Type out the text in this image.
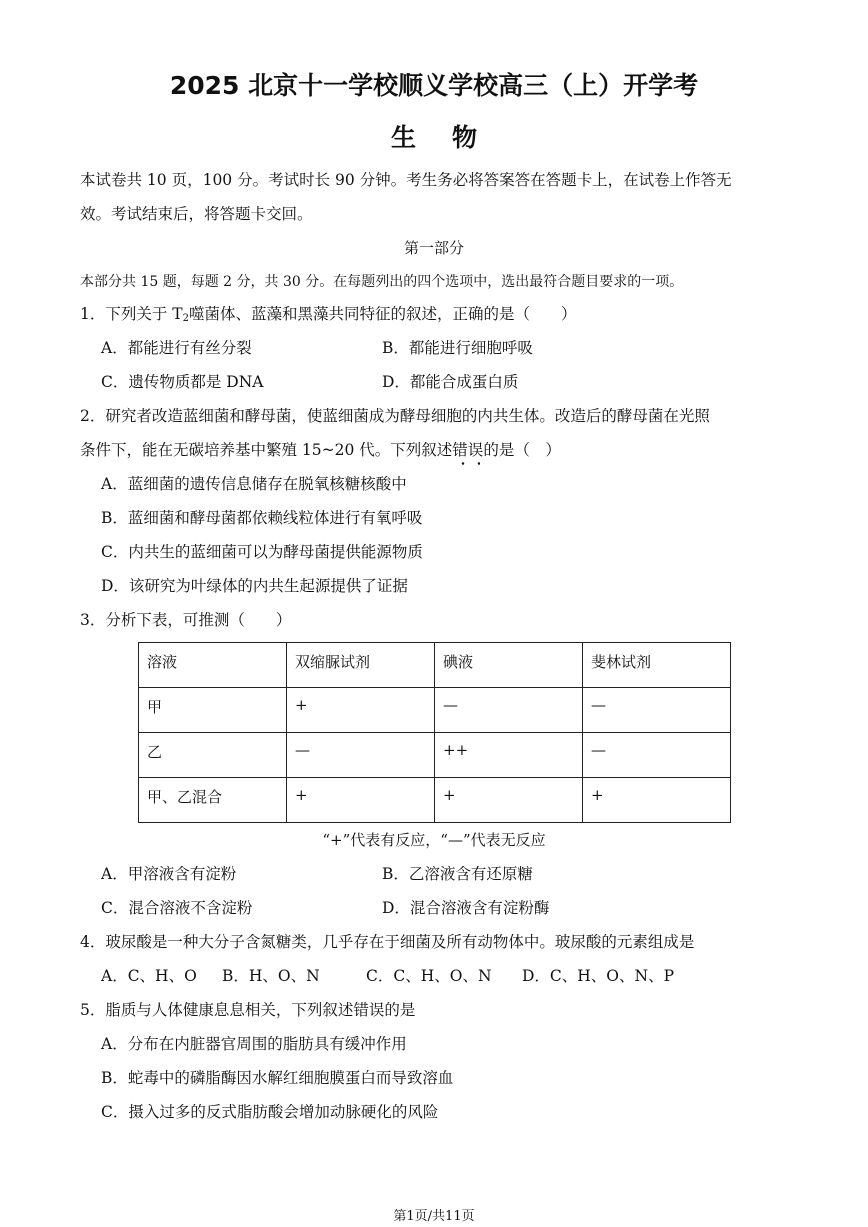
2025 北京十一学校顺义学校高三（上）开学考
生物
本试卷共 10 页，100 分。考试时长 90 分钟。考生务必将答案答在答题卡上，在试卷上作答无
效。考试结束后，将答题卡交回。
第一部分
本部分共 15 题，每题 2 分，共 30 分。在每题列出的四个选项中，选出最符合题目要求的一项。
1．下列关于 $T_2$噬菌体、蓝藻和黑藻共同特征的叙述，正确的是（　　）
A．都能进行有丝分裂	B．都能进行细胞呼吸
C．遗传物质都是 DNA	D．都能合成蛋白质
2．研究者改造蓝细菌和酵母菌，使蓝细菌成为酵母细胞的内共生体。改造后的酵母菌在光照
条件下，能在无碳培养基中繁殖 15~20 代。下列叙述错误的是（　）
A．蓝细菌的遗传信息储存在脱氧核糖核酸中
B．蓝细菌和酵母菌都依赖线粒体进行有氧呼吸
C．内共生的蓝细菌可以为酵母菌提供能源物质
D．该研究为叶绿体的内共生起源提供了证据
3．分析下表，可推测（　　）
溶液	双缩脲试剂	碘液	斐林试剂
甲	+	—	—
乙	—	++	—
甲、乙混合	+	+	+
“+”代表有反应，“—”代表无反应
A．甲溶液含有淀粉	B．乙溶液含有还原糖
C．混合溶液不含淀粉	D．混合溶液含有淀粉酶
4．玻尿酸是一种大分子含氮糖类，几乎存在于细菌及所有动物体中。玻尿酸的元素组成是
A．C、H、O B．H、O、N	C．C、H、O、N D．C、H、O、N、P
5．脂质与人体健康息息相关，下列叙述错误的是
A．分布在内脏器官周围的脂肪具有缓冲作用
B．蛇毒中的磷脂酶因水解红细胞膜蛋白而导致溶血
C．摄入过多的反式脂肪酸会增加动脉硬化的风险
第1页/共11页
